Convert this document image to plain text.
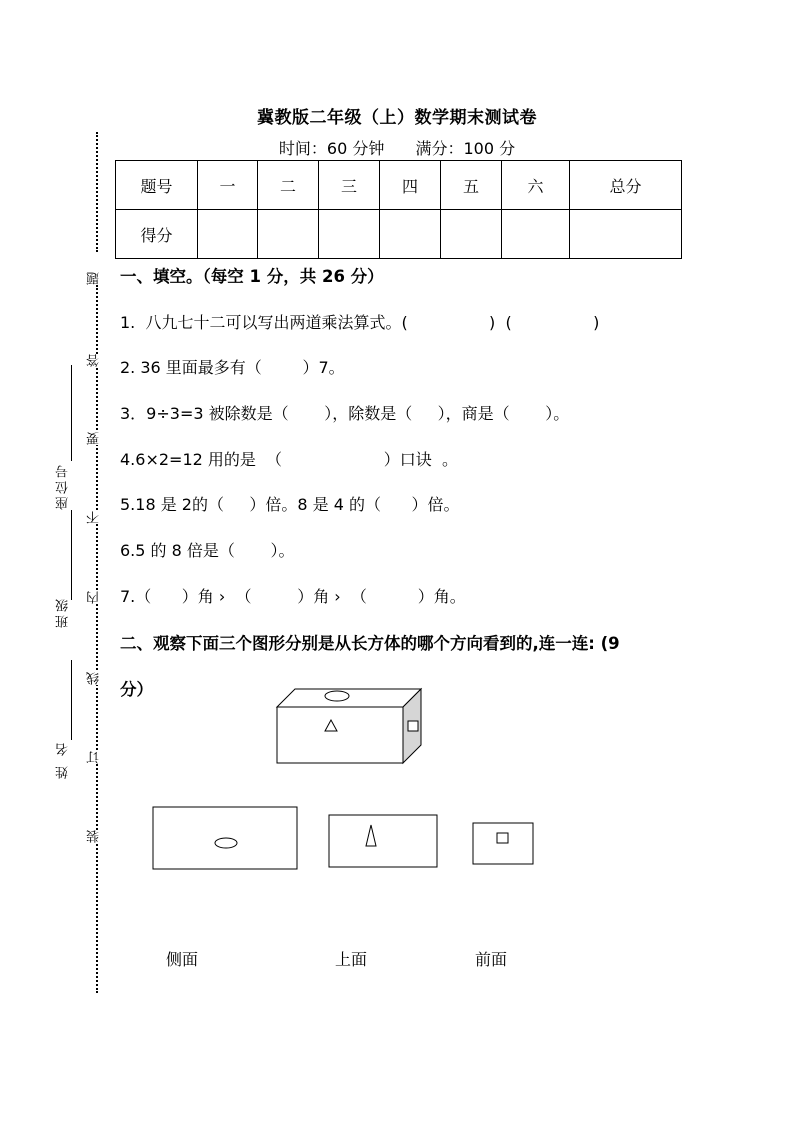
题
答
要
不
内
线
订
装
座位号
班级
姓 名
冀教版二年级（上）数学期末测试卷
时间：60 分钟 满分：100 分
题号	一	二	三	四	五	六	总分
得分							
一、填空。（每空 1 分，共 26 分）
1.  八九七十二可以写出两道乘法算式。(                )  (                )
2. 36 里面最多有（        ）7。
3．9÷3=3 被除数是（       ），除数是（     ），商是（       ）。
4.6×2=12 用的是  （                    ）口诀  。
5.18 是 2的（     ）倍。8 是 4 的（      ）倍。
6.5 的 8 倍是（       ）。
7.（      ）角 ›  （         ）角 ›  （          ）角。
二、观察下面三个图形分别是从长方体的哪个方向看到的,连一连: (9
分）
侧面	上面	前面
